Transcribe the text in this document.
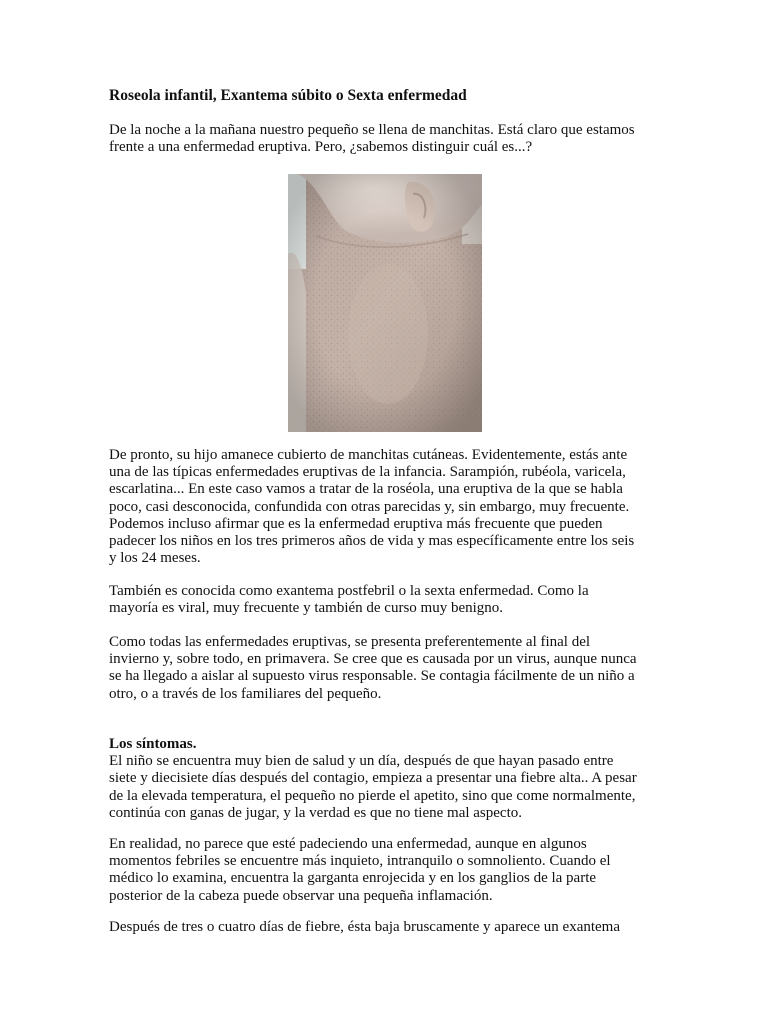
Roseola infantil, Exantema súbito o Sexta enfermedad

De la noche a la mañana nuestro pequeño se llena de manchitas. Está claro que estamos
frente a una enfermedad eruptiva. Pero, ¿sabemos distinguir cuál es...?

De pronto, su hijo amanece cubierto de manchitas cutáneas. Evidentemente, estás ante
una de las típicas enfermedades eruptivas de la infancia. Sarampión, rubéola, varicela,
escarlatina... En este caso vamos a tratar de la roséola, una eruptiva de la que se habla
poco, casi desconocida, confundida con otras parecidas y, sin embargo, muy frecuente.
Podemos incluso afirmar que es la enfermedad eruptiva más frecuente que pueden
padecer los niños en los tres primeros años de vida y mas específicamente entre los seis
y los 24 meses.

También es conocida como exantema postfebril o la sexta enfermedad. Como la
mayoría es viral, muy frecuente y también de curso muy benigno.

Como todas las enfermedades eruptivas, se presenta preferentemente al final del
invierno y, sobre todo, en primavera. Se cree que es causada por un virus, aunque nunca
se ha llegado a aislar al supuesto virus responsable. Se contagia fácilmente de un niño a
otro, o a través de los familiares del pequeño.

Los síntomas.
El niño se encuentra muy bien de salud y un día, después de que hayan pasado entre
siete y diecisiete días después del contagio, empieza a presentar una fiebre alta.. A pesar
de la elevada temperatura, el pequeño no pierde el apetito, sino que come normalmente,
continúa con ganas de jugar, y la verdad es que no tiene mal aspecto.

En realidad, no parece que esté padeciendo una enfermedad, aunque en algunos
momentos febriles se encuentre más inquieto, intranquilo o somnoliento. Cuando el
médico lo examina, encuentra la garganta enrojecida y en los ganglios de la parte
posterior de la cabeza puede observar una pequeña inflamación.

Después de tres o cuatro días de fiebre, ésta baja bruscamente y aparece un exantema
